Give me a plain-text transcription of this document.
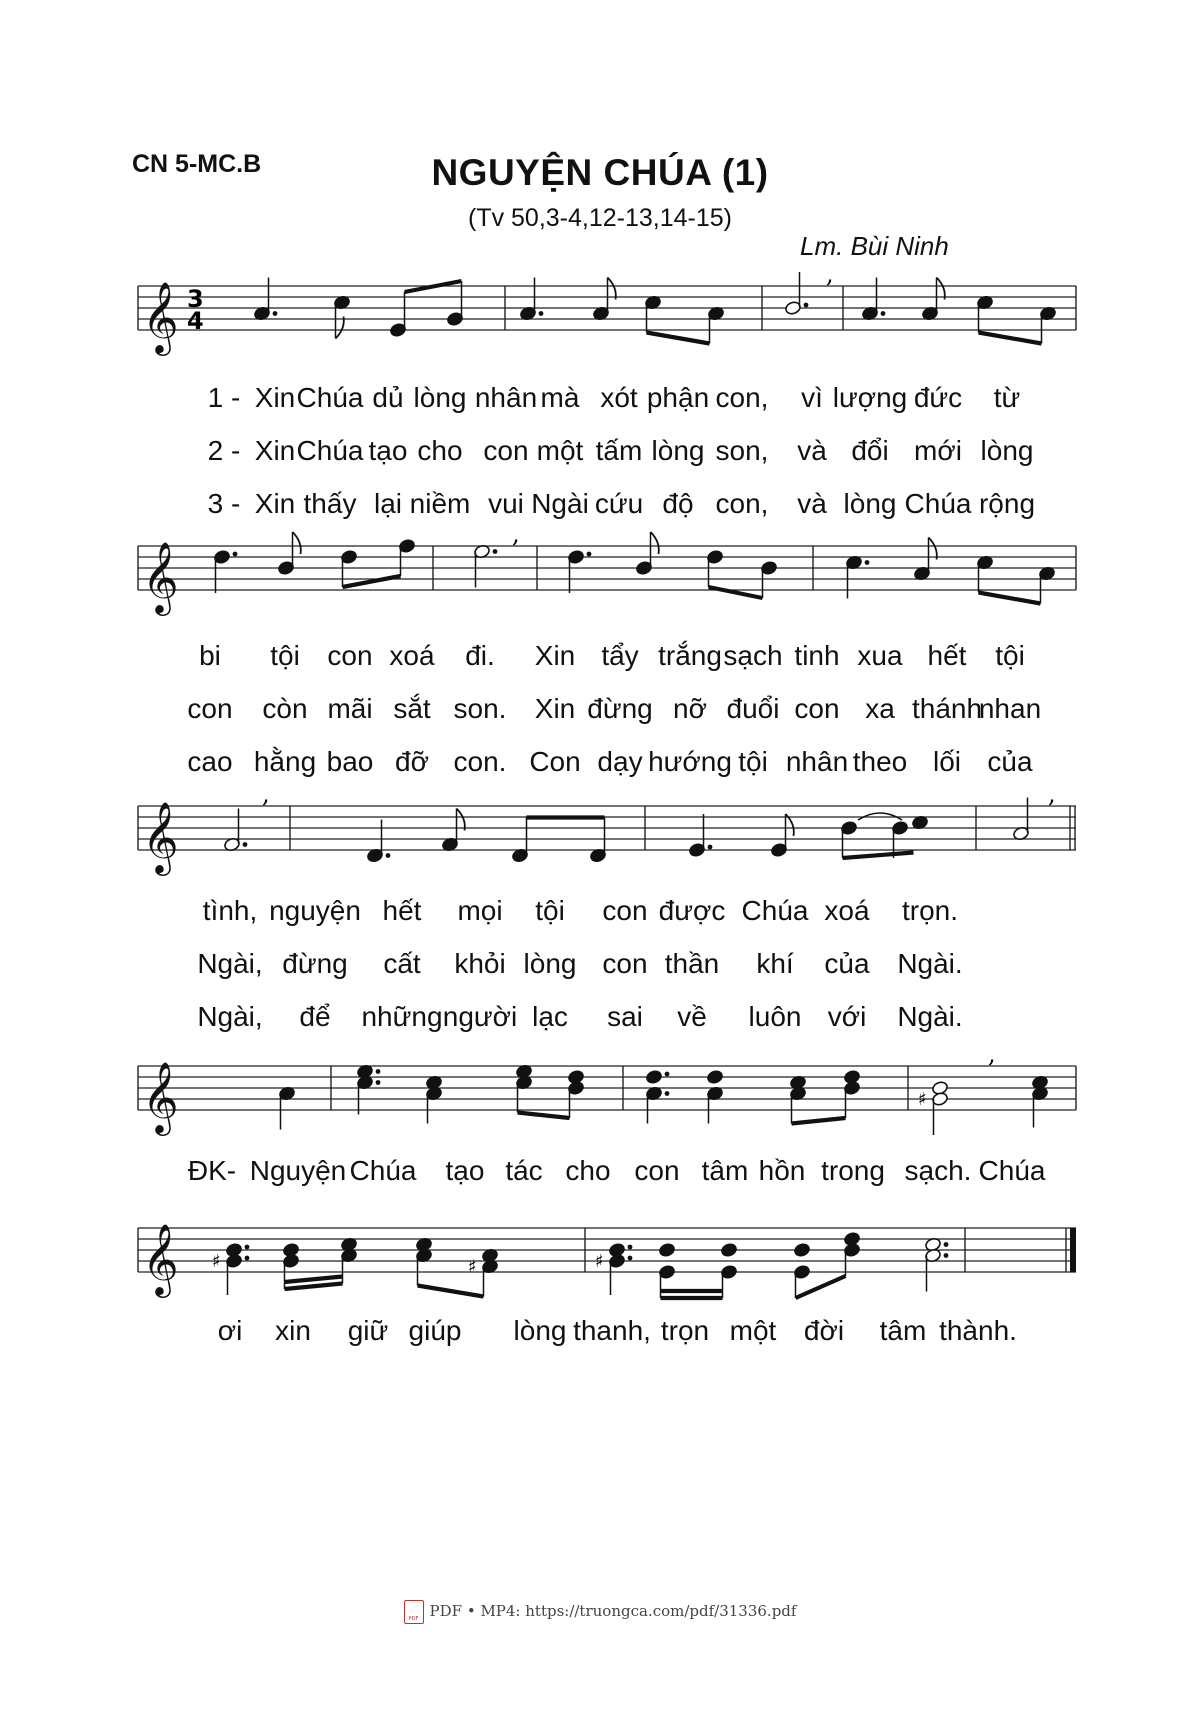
CN 5-MC.B	NGUYỆN CHÚA (1)
(Tv 50,3-4,12-13,14-15)
Lm. Bùi Ninh
𝄞
𝄞
𝄞
𝄞
𝄞
3
4
,
,
,	,
♯
,
♯	♯	♯
1 -
2 -
3 -
Xin Chúa dủ lòng nhân mà xót phận con, vì lượng đức từ
Xin Chúa tạo cho con một tấm lòng son, và đổi mới lòng
Xin thấy lại niềm vui Ngài cứu độ con, và lòng Chúa rộng
bi tội con xoá đi. Xin tẩy trắng sạch tinh xua hết tội
con còn mãi sắt son. Xin đừng nỡ đuổi con xa thánh
nhan
cao hằng bao đỡ con. Con dạy hướng tội nhân theo lối của
tình, nguyện hết mọi tội con được Chúa xoá trọn.
Ngài, đừng cất khỏi lòng con thần khí của Ngài.
Ngài, để những người lạc sai về luôn với Ngài.
Nguyện Chúa tạo tác cho con tâm hồn trong sạch. Chúa
ơi xin giữ giúp lòng thanh, trọn một đời tâm thành.
ĐK-
PDFPDF • MP4: https://truongca.com/pdf/31336.pdf
